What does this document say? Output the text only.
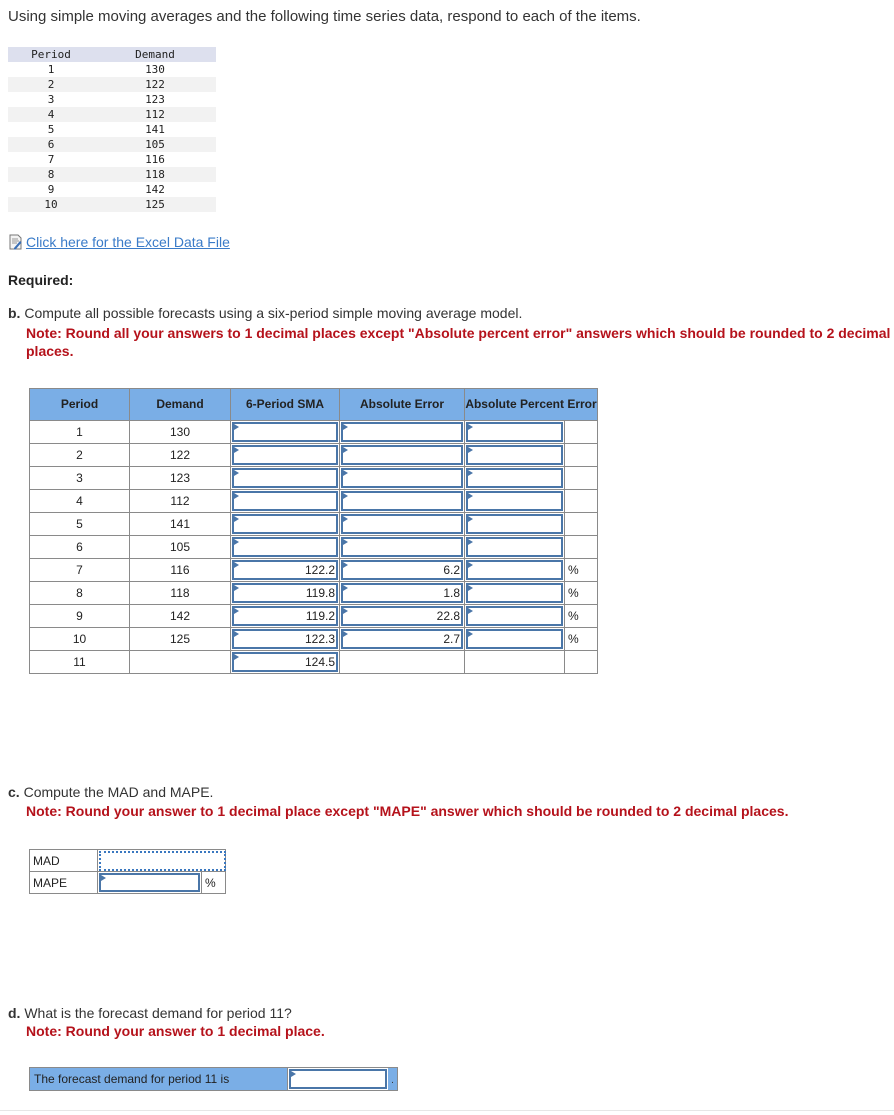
Using simple moving averages and the following time series data, respond to each of the items.
Period	Demand
1	130
2	122
3	123
4	112
5	141
6	105
7	116
8	118
9	142
10	125
Click here for the Excel Data File
Required:
b. Compute all possible forecasts using a six-period simple moving average model.
Note: Round all your answers to 1 decimal places except "Absolute percent error" answers which should be rounded to 2 decimal places.
Period	Demand	6-Period SMA	Absolute Error	Absolute Percent Error	
1	130	

2	122	

3	123	

4	112	

5	141	

6	105	

7	116	122.2	6.2		%
8	118	119.8	1.8		%
9	142	119.2	22.8		%
10	125	122.3	2.7		%
11		124.5			

c. Compute the MAD and MAPE.
Note: Round your answer to 1 decimal place except "MAPE" answer which should be rounded to 2 decimal places.
MAD	

MAPE		%
d. What is the forecast demand for period 11?
Note: Round your answer to 1 decimal place.
The forecast demand for period 11 is	.
